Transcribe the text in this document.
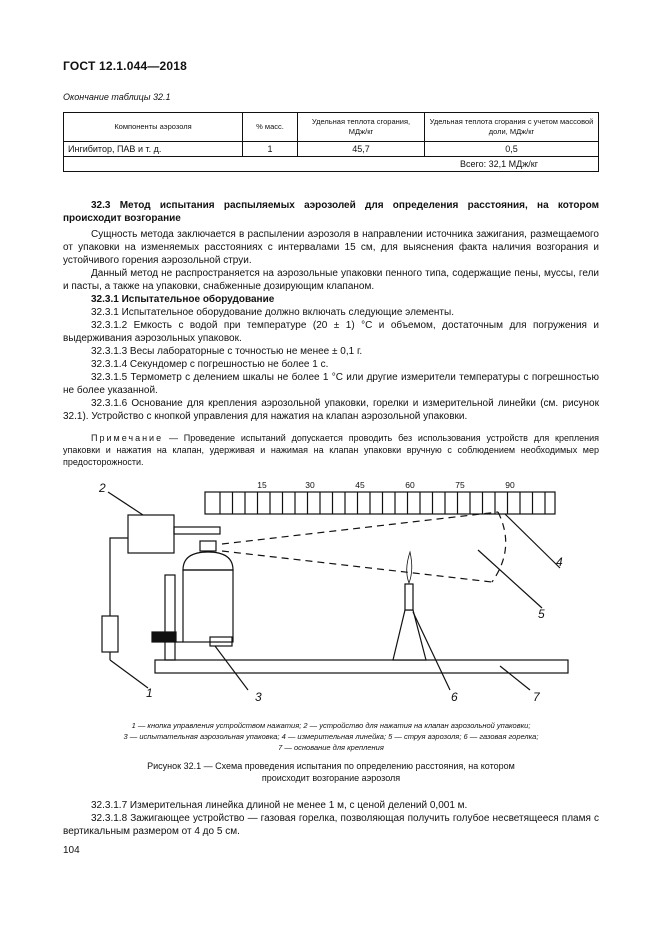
ГОСТ 12.1.044—2018
Окончание таблицы 32.1
Компоненты аэрозоля	% масс.	Удельная теплота сгорания, МДж/кг	Удельная теплота сгорания с учетом массовой доли, МДж/кг
Ингибитор, ПАВ и т. д.	1	45,7	0,5
Всего: 32,1 МДж/кг			
32.3 Метод испытания распыляемых аэрозолей для определения расстояния, на котором происходит возгорание
Сущность метода заключается в распылении аэрозоля в направлении источника зажигания, размещаемого от упаковки на изменяемых расстояниях с интервалами 15 см, для выяснения факта наличия возгорания и устойчивого горения аэрозольной струи.
Данный метод не распространяется на аэрозольные упаковки пенного типа, содержащие пены, муссы, гели и пасты, а также на упаковки, снабженные дозирующим клапаном.
32.3.1 Испытательное оборудование
32.3.1 Испытательное оборудование должно включать следующие элементы.
32.3.1.2 Емкость с водой при температуре (20 ± 1) °С и объемом, достаточным для погружения и выдерживания аэрозольных упаковок.
32.3.1.3 Весы лабораторные с точностью не менее ± 0,1 г.
32.3.1.4 Секундомер с погрешностью не более 1 с.
32.3.1.5 Термометр с делением шкалы не более 1 °С или другие измерители температуры с погрешностью не более указанной.
32.3.1.6 Основание для крепления аэрозольной упаковки, горелки и измерительной линейки (см. рисунок 32.1). Устройство с кнопкой управления для нажатия на клапан аэрозольной упаковки.
Примечание — Проведение испытаний допускается проводить без использования устройств для крепления упаковки и нажатия на клапан, удерживая и нажимая на клапан упаковки вручную с соблюдением необходимых мер предосторожности.
15	30	45	60	75	90
1
2
3
4
5
6	7
1 — кнопка управления устройством нажатия; 2 — устройство для нажатия на клапан аэрозольной упаковки;
3 — испытательная аэрозольная упаковка; 4 — измерительная линейка; 5 — струя аэрозоля; 6 — газовая горелка;
7 — основание для крепления
Рисунок 32.1 — Схема проведения испытания по определению расстояния, на котором происходит возгорание аэрозоля
32.3.1.7 Измерительная линейка длиной не менее 1 м, с ценой делений 0,001 м.
32.3.1.8 Зажигающее устройство — газовая горелка, позволяющая получить голубое несветящееся пламя с вертикальным размером от 4 до 5 см.
104
